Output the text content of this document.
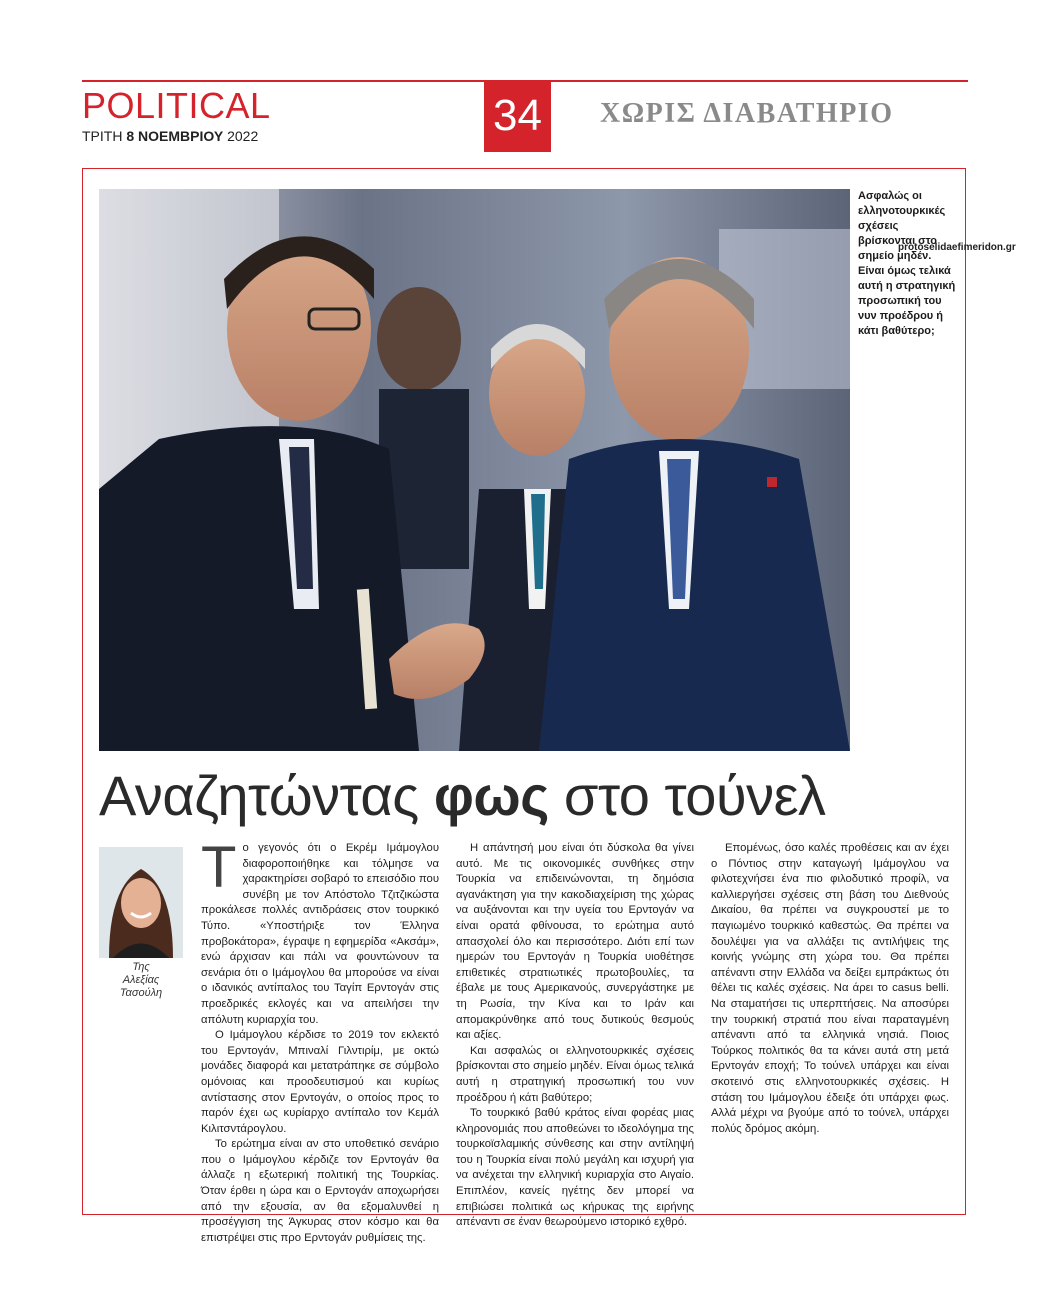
POLITICAL
ΤΡΙΤΗ 8 ΝΟΕΜΒΡΙΟΥ 2022	34	ΧΩΡΙΣ ΔΙΑΒΑΤΗΡΙΟ
Ασφαλώς οι ελληνοτουρκικές σχέσεις βρίσκονται στο σημείο μηδέν. Είναι όμως τελικά αυτή η στρατηγική προσωπική του νυν προέδρου ή κάτι βαθύτερο;
protoselidaefimeridon.gr
Αναζητώντας φως στο τούνελ
Της
Αλεξίας
Τασούλη

Το γεγονός ότι ο Εκρέμ Ιμάμογλου διαφοροποιήθηκε και τόλμησε να χαρακτηρίσει σοβαρό το επεισόδιο που συνέβη με τον Απόστολο Τζιτζικώστα προκάλεσε πολλές αντιδράσεις στον τουρκικό Τύπο. «Υποστήριξε τον Έλληνα προβοκάτορα», έγραψε η εφημερίδα «Ακσάμ», ενώ άρχισαν και πάλι να φουντώνουν τα σενάρια ότι ο Ιμάμογλου θα μπορούσε να είναι ο ιδανικός αντίπαλος του Ταγίπ Ερντογάν στις προεδρικές εκλογές και να απειλήσει την απόλυτη κυριαρχία του.

Ο Ιμάμογλου κέρδισε το 2019 τον εκλεκτό του Ερντογάν, Μπιναλί Γιλντιρίμ, με οκτώ μονάδες διαφορά και μετατράπηκε σε σύμβολο ομόνοιας και προοδευτισμού και κυρίως αντίστασης στον Ερντογάν, ο οποίος προς το παρόν έχει ως κυρίαρχο αντίπαλο τον Κεμάλ Κιλιτσντάρογλου.

Το ερώτημα είναι αν στο υποθετικό σενάριο που ο Ιμάμογλου κέρδιζε τον Ερντογάν θα άλλαζε η εξωτερική πολιτική της Τουρκίας. Όταν έρθει η ώρα και ο Ερντογάν αποχωρήσει από την εξουσία, αν θα εξομαλυνθεί η προσέγγιση της Άγκυρας στον κόσμο και θα επιστρέψει στις προ Ερντογάν ρυθμίσεις της.

Η απάντησή μου είναι ότι δύσκολα θα γίνει αυτό. Με τις οικονομικές συνθήκες στην Τουρκία να επιδεινώνονται, τη δημόσια αγανάκτηση για την κακοδιαχείριση της χώρας να αυξάνονται και την υγεία του Ερντογάν να είναι ορατά φθίνουσα, το ερώτημα αυτό απασχολεί όλο και περισσότερο. Διότι επί των ημερών του Ερντογάν η Τουρκία υιοθέτησε επιθετικές στρατιωτικές πρωτοβουλίες, τα έβαλε με τους Αμερικανούς, συνεργάστηκε με τη Ρωσία, την Κίνα και το Ιράν και απομακρύνθηκε από τους δυτικούς θεσμούς και αξίες.

Και ασφαλώς οι ελληνοτουρκικές σχέσεις βρίσκονται στο σημείο μηδέν. Είναι όμως τελικά αυτή η στρατηγική προσωπική του νυν προέδρου ή κάτι βαθύτερο;

Το τουρκικό βαθύ κράτος είναι φορέας μιας κληρονομιάς που αποθεώνει το ιδεολόγημα της τουρκοϊσλαμικής σύνθεσης και στην αντίληψή του η Τουρκία είναι πολύ μεγάλη και ισχυρή για να ανέχεται την ελληνική κυριαρχία στο Αιγαίο. Επιπλέον, κανείς ηγέτης δεν μπορεί να επιβιώσει πολιτικά ως κήρυκας της ειρήνης απέναντι σε έναν θεωρούμενο ιστορικό εχθρό.

Επομένως, όσο καλές προθέσεις και αν έχει ο Πόντιος στην καταγωγή Ιμάμογλου να φιλοτεχνήσει ένα πιο φιλοδυτικό προφίλ, να καλλιεργήσει σχέσεις στη βάση του Διεθνούς Δικαίου, θα πρέπει να συγκρουστεί με το παγιωμένο τουρκικό καθεστώς. Θα πρέπει να δουλέψει για να αλλάξει τις αντιλήψεις της κοινής γνώμης στη χώρα του. Θα πρέπει απέναντι στην Ελλάδα να δείξει εμπράκτως ότι θέλει τις καλές σχέσεις. Να άρει το casus belli. Να σταματήσει τις υπερπτήσεις. Να αποσύρει την τουρκική στρατιά που είναι παραταγμένη απέναντι από τα ελληνικά νησιά. Ποιος Τούρκος πολιτικός θα τα κάνει αυτά στη μετά Ερντογάν εποχή; Το τούνελ υπάρχει και είναι σκοτεινό στις ελληνοτουρκικές σχέσεις. Η στάση του Ιμάμογλου έδειξε ότι υπάρχει φως. Αλλά μέχρι να βγούμε από το τούνελ, υπάρχει πολύς δρόμος ακόμη.
